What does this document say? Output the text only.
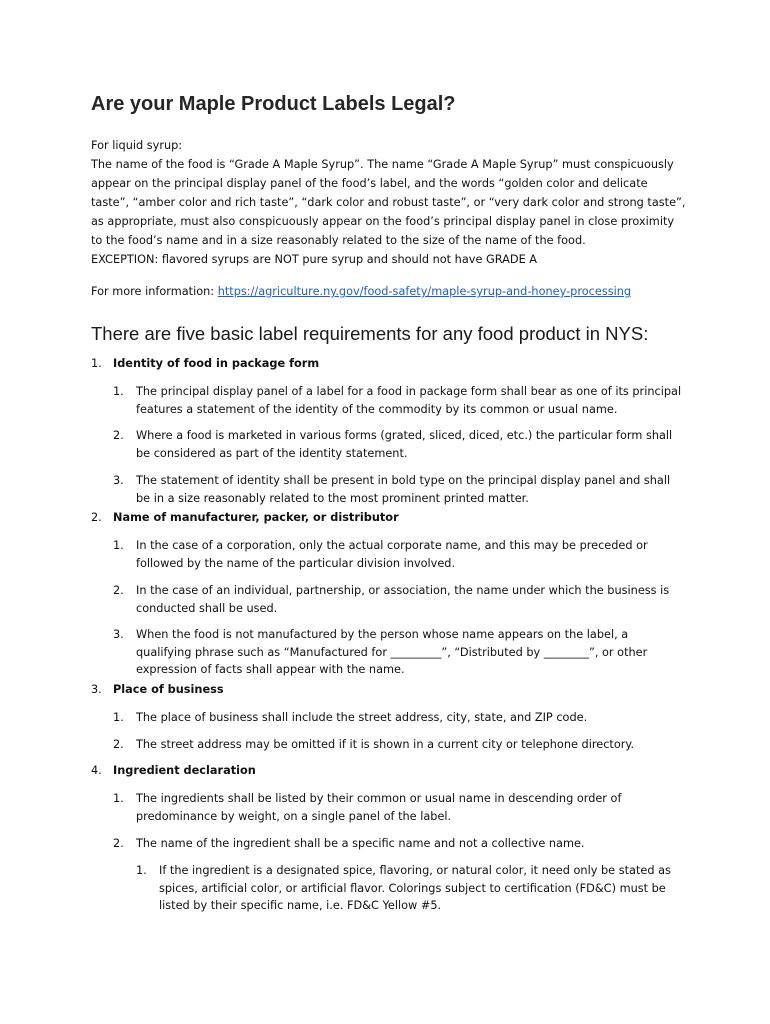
Are your Maple Product Labels Legal?
For liquid syrup:
The name of the food is “Grade A Maple Syrup”. The name “Grade A Maple Syrup” must conspicuously
appear on the principal display panel of the food’s label, and the words “golden color and delicate
taste”, “amber color and rich taste”, “dark color and robust taste”, or “very dark color and strong taste”,
as appropriate, must also conspicuously appear on the food’s principal display panel in close proximity
to the food’s name and in a size reasonably related to the size of the name of the food.
EXCEPTION: flavored syrups are NOT pure syrup and should not have GRADE A
For more information: https://agriculture.ny.gov/food-safety/maple-syrup-and-honey-processing
There are five basic label requirements for any food product in NYS:
1. Identity of food in package form
1. The principal display panel of a label for a food in package form shall bear as one of its principal
features a statement of the identity of the commodity by its common or usual name.
2. Where a food is marketed in various forms (grated, sliced, diced, etc.) the particular form shall
be considered as part of the identity statement.
3. The statement of identity shall be present in bold type on the principal display panel and shall
be in a size reasonably related to the most prominent printed matter.
2. Name of manufacturer, packer, or distributor
1. In the case of a corporation, only the actual corporate name, and this may be preceded or
followed by the name of the particular division involved.
2. In the case of an individual, partnership, or association, the name under which the business is
conducted shall be used.
3. When the food is not manufactured by the person whose name appears on the label, a
qualifying phrase such as “Manufactured for _________”, “Distributed by ________”, or other
expression of facts shall appear with the name.
3. Place of business
1. The place of business shall include the street address, city, state, and ZIP code.
2. The street address may be omitted if it is shown in a current city or telephone directory.
4. Ingredient declaration
1. The ingredients shall be listed by their common or usual name in descending order of
predominance by weight, on a single panel of the label.
2. The name of the ingredient shall be a specific name and not a collective name.
1. If the ingredient is a designated spice, flavoring, or natural color, it need only be stated as
spices, artificial color, or artificial flavor. Colorings subject to certification (FD&C) must be
listed by their specific name, i.e. FD&C Yellow #5.
